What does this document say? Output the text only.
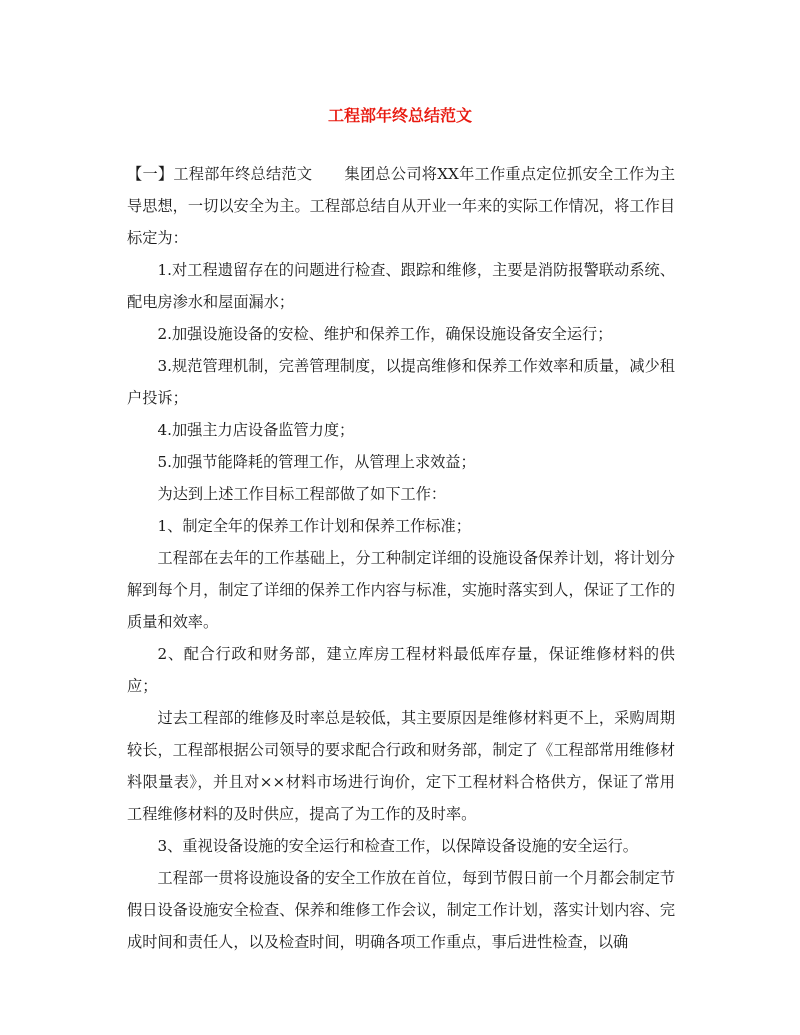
工程部年终总结范文

【一】工程部年终总结范文 集团总公司将XX年工作重点定位抓安全工作为主导思想，一切以安全为主。工程部总结自从开业一年来的实际工作情况，将工作目标定为：

1.对工程遗留存在的问题进行检查、跟踪和维修，主要是消防报警联动系统、配电房渗水和屋面漏水；

2.加强设施设备的安检、维护和保养工作，确保设施设备安全运行；

3.规范管理机制，完善管理制度，以提高维修和保养工作效率和质量，减少租户投诉；

4.加强主力店设备监管力度；

5.加强节能降耗的管理工作，从管理上求效益；

为达到上述工作目标工程部做了如下工作：

1、制定全年的保养工作计划和保养工作标准；

工程部在去年的工作基础上，分工种制定详细的设施设备保养计划，将计划分解到每个月，制定了详细的保养工作内容与标准，实施时落实到人，保证了工作的质量和效率。

2、配合行政和财务部，建立库房工程材料最低库存量，保证维修材料的供应；

过去工程部的维修及时率总是较低，其主要原因是维修材料更不上，采购周期较长，工程部根据公司领导的要求配合行政和财务部，制定了《工程部常用维修材料限量表》，并且对××材料市场进行询价，定下工程材料合格供方，保证了常用工程维修材料的及时供应，提高了为工作的及时率。

3、重视设备设施的安全运行和检查工作，以保障设备设施的安全运行。

工程部一贯将设施设备的安全工作放在首位，每到节假日前一个月都会制定节假日设备设施安全检查、保养和维修工作会议，制定工作计划，落实计划内容、完成时间和责任人，以及检查时间，明确各项工作重点，事后进性检查，以确
